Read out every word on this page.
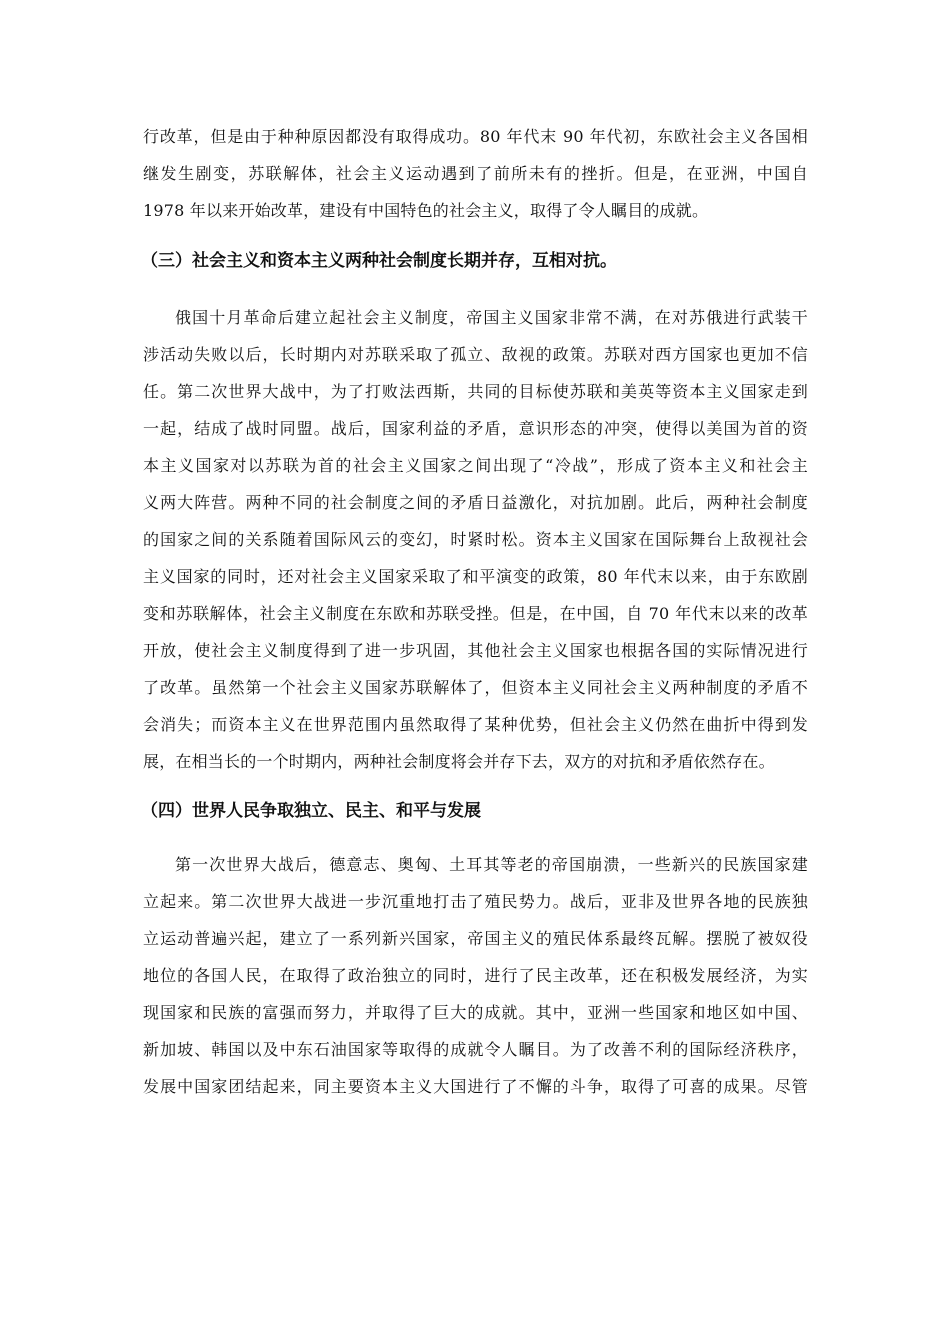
行改革，但是由于种种原因都没有取得成功。80 年代末 90 年代初，东欧社会主义各国相
继发生剧变，苏联解体，社会主义运动遇到了前所未有的挫折。但是，在亚洲，中国自
1978 年以来开始改革，建设有中国特色的社会主义，取得了令人瞩目的成就。
（三）社会主义和资本主义两种社会制度长期并存，互相对抗。
俄国十月革命后建立起社会主义制度，帝国主义国家非常不满，在对苏俄进行武装干
涉活动失败以后，长时期内对苏联采取了孤立、敌视的政策。苏联对西方国家也更加不信
任。第二次世界大战中，为了打败法西斯，共同的目标使苏联和美英等资本主义国家走到
一起，结成了战时同盟。战后，国家利益的矛盾，意识形态的冲突，使得以美国为首的资
本主义国家对以苏联为首的社会主义国家之间出现了“冷战”，形成了资本主义和社会主
义两大阵营。两种不同的社会制度之间的矛盾日益激化，对抗加剧。此后，两种社会制度
的国家之间的关系随着国际风云的变幻，时紧时松。资本主义国家在国际舞台上敌视社会
主义国家的同时，还对社会主义国家采取了和平演变的政策，80 年代末以来，由于东欧剧
变和苏联解体，社会主义制度在东欧和苏联受挫。但是，在中国，自 70 年代末以来的改革
开放，使社会主义制度得到了进一步巩固，其他社会主义国家也根据各国的实际情况进行
了改革。虽然第一个社会主义国家苏联解体了，但资本主义同社会主义两种制度的矛盾不
会消失；而资本主义在世界范围内虽然取得了某种优势，但社会主义仍然在曲折中得到发
展，在相当长的一个时期内，两种社会制度将会并存下去，双方的对抗和矛盾依然存在。
（四）世界人民争取独立、民主、和平与发展
第一次世界大战后，德意志、奥匈、土耳其等老的帝国崩溃，一些新兴的民族国家建
立起来。第二次世界大战进一步沉重地打击了殖民势力。战后，亚非及世界各地的民族独
立运动普遍兴起，建立了一系列新兴国家，帝国主义的殖民体系最终瓦解。摆脱了被奴役
地位的各国人民，在取得了政治独立的同时，进行了民主改革，还在积极发展经济，为实
现国家和民族的富强而努力，并取得了巨大的成就。其中，亚洲一些国家和地区如中国、
新加坡、韩国以及中东石油国家等取得的成就令人瞩目。为了改善不利的国际经济秩序，
发展中国家团结起来，同主要资本主义大国进行了不懈的斗争，取得了可喜的成果。尽管
